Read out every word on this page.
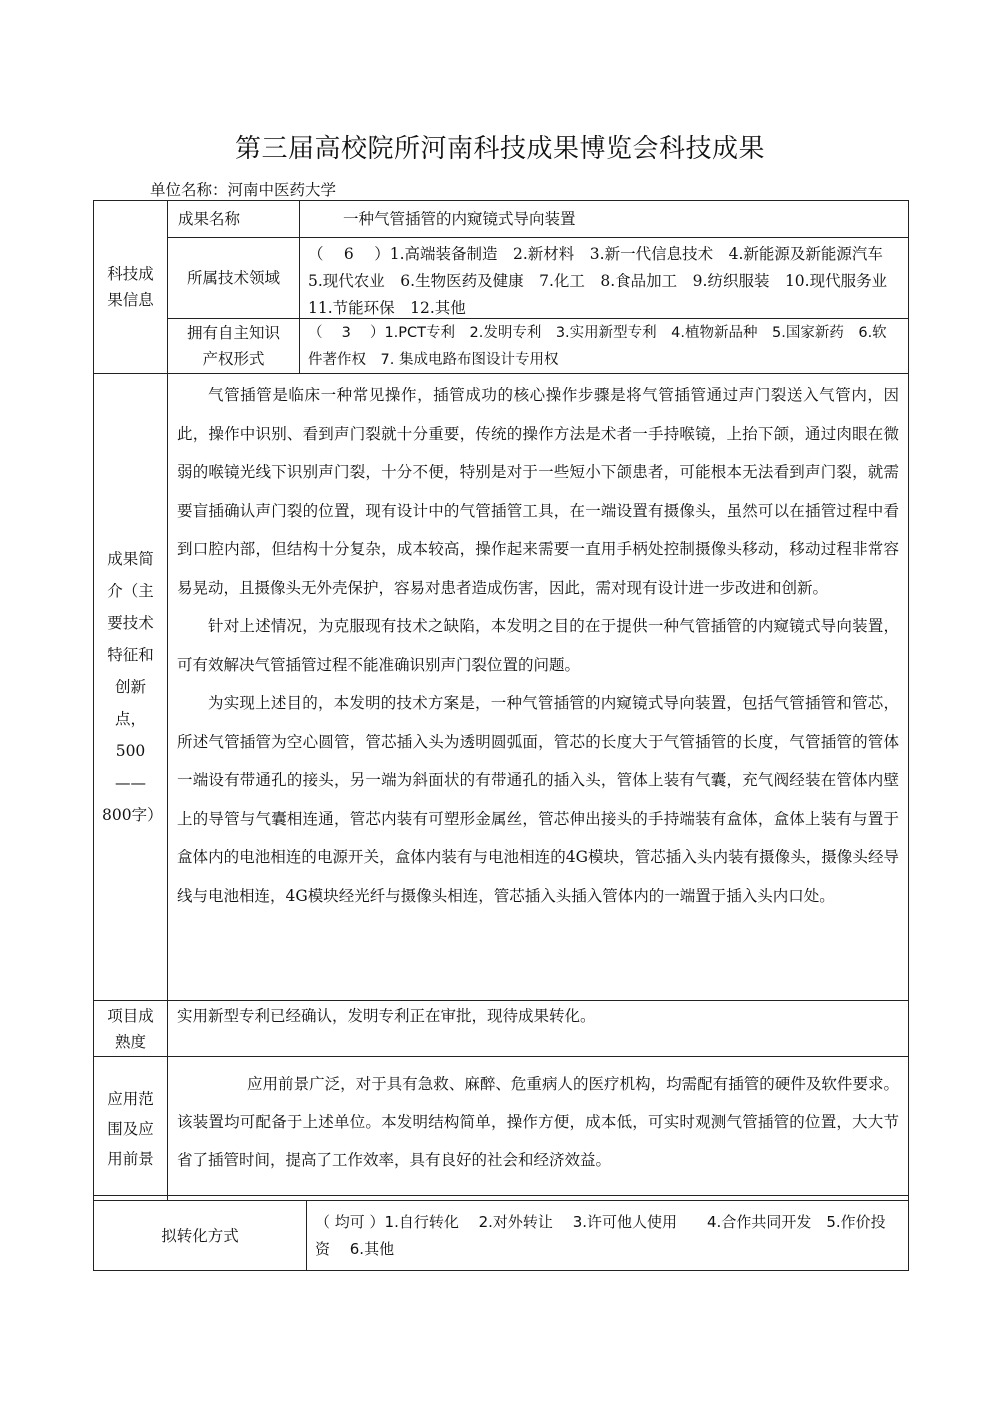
第三届高校院所河南科技成果博览会科技成果
单位名称：河南中医药大学
科技成果信息
成果名称	一种气管插管的内窥镜式导向装置
所属技术领域
（　 6　 ）1.高端装备制造　2.新材料　3.新一代信息技术　4.新能源及新能源汽车　5.现代农业　6.生物医药及健康　7.化工　8.食品加工　9.纺织服装　10.现代服务业　11.节能环保　12.其他
拥有自主知识产权形式
（　 3　 ）1.PCT专利　2.发明专利　3.实用新型专利　4.植物新品种　5.国家新药　6.软件著作权　7. 集成电路布图设计专用权
成果简介（主要技术特征和创新点，500——800字）

气管插管是临床一种常见操作，插管成功的核心操作步骤是将气管插管通过声门裂送入气管内，因此，操作中识别、看到声门裂就十分重要，传统的操作方法是术者一手持喉镜，上抬下颌，通过肉眼在微弱的喉镜光线下识别声门裂，十分不便，特别是对于一些短小下颌患者，可能根本无法看到声门裂，就需要盲插确认声门裂的位置，现有设计中的气管插管工具，在一端设置有摄像头，虽然可以在插管过程中看到口腔内部，但结构十分复杂，成本较高，操作起来需要一直用手柄处控制摄像头移动，移动过程非常容易晃动，且摄像头无外壳保护，容易对患者造成伤害，因此，需对现有设计进一步改进和创新。

针对上述情况，为克服现有技术之缺陷，本发明之目的在于提供一种气管插管的内窥镜式导向装置，可有效解决气管插管过程不能准确识别声门裂位置的问题。

为实现上述目的，本发明的技术方案是，一种气管插管的内窥镜式导向装置，包括气管插管和管芯，所述气管插管为空心圆管，管芯插入头为透明圆弧面，管芯的长度大于气管插管的长度，气管插管的管体一端设有带通孔的接头，另一端为斜面状的有带通孔的插入头，管体上装有气囊，充气阀经装在管体内壁上的导管与气囊相连通，管芯内装有可塑形金属丝，管芯伸出接头的手持端装有盒体，盒体上装有与置于盒体内的电池相连的电源开关，盒体内装有与电池相连的4G模块，管芯插入头内装有摄像头，摄像头经导线与电池相连，4G模块经光纤与摄像头相连，管芯插入头插入管体内的一端置于插入头内口处。

项目成熟度
实用新型专利已经确认，发明专利正在审批，现待成果转化。
应用范围及应用前景
应用前景广泛，对于具有急救、麻醉、危重病人的医疗机构，均需配有插管的硬件及软件要求。该装置均可配备于上述单位。本发明结构简单，操作方便，成本低，可实时观测气管插管的位置，大大节省了插管时间，提高了工作效率，具有良好的社会和经济效益。
拟转化方式
（ 均可 ）1.自行转化　 2.对外转让　 3.许可他人使用　　4.合作共同开发　5.作价投资　 6.其他
